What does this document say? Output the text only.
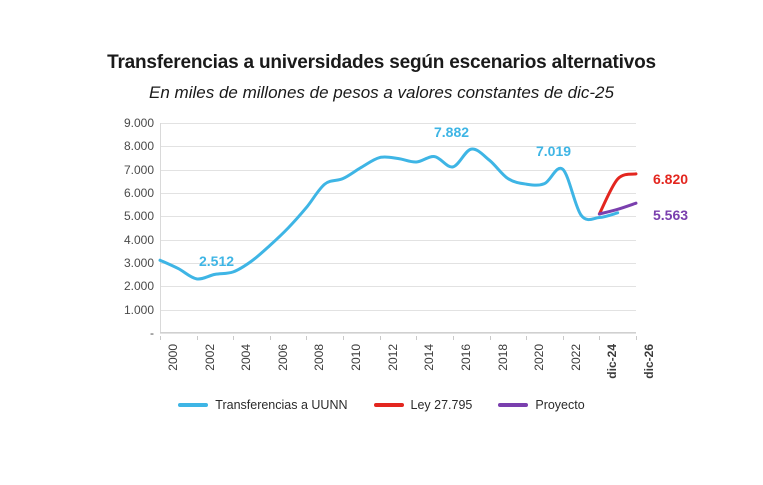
Transferencias a universidades según escenarios alternativos
En miles de millones de pesos a valores constantes de dic-25
9.000
8.000
7.000
6.000
5.000
4.000
3.000
2.000
1.000
-
2000 2002 2004 2006 2008 2010 2012 2014 2016 2018 2020 2022 dic-24 dic-26
2.512
7.882
7.019
6.820
5.563
Transferencias a UUNN	Ley 27.795	Proyecto
